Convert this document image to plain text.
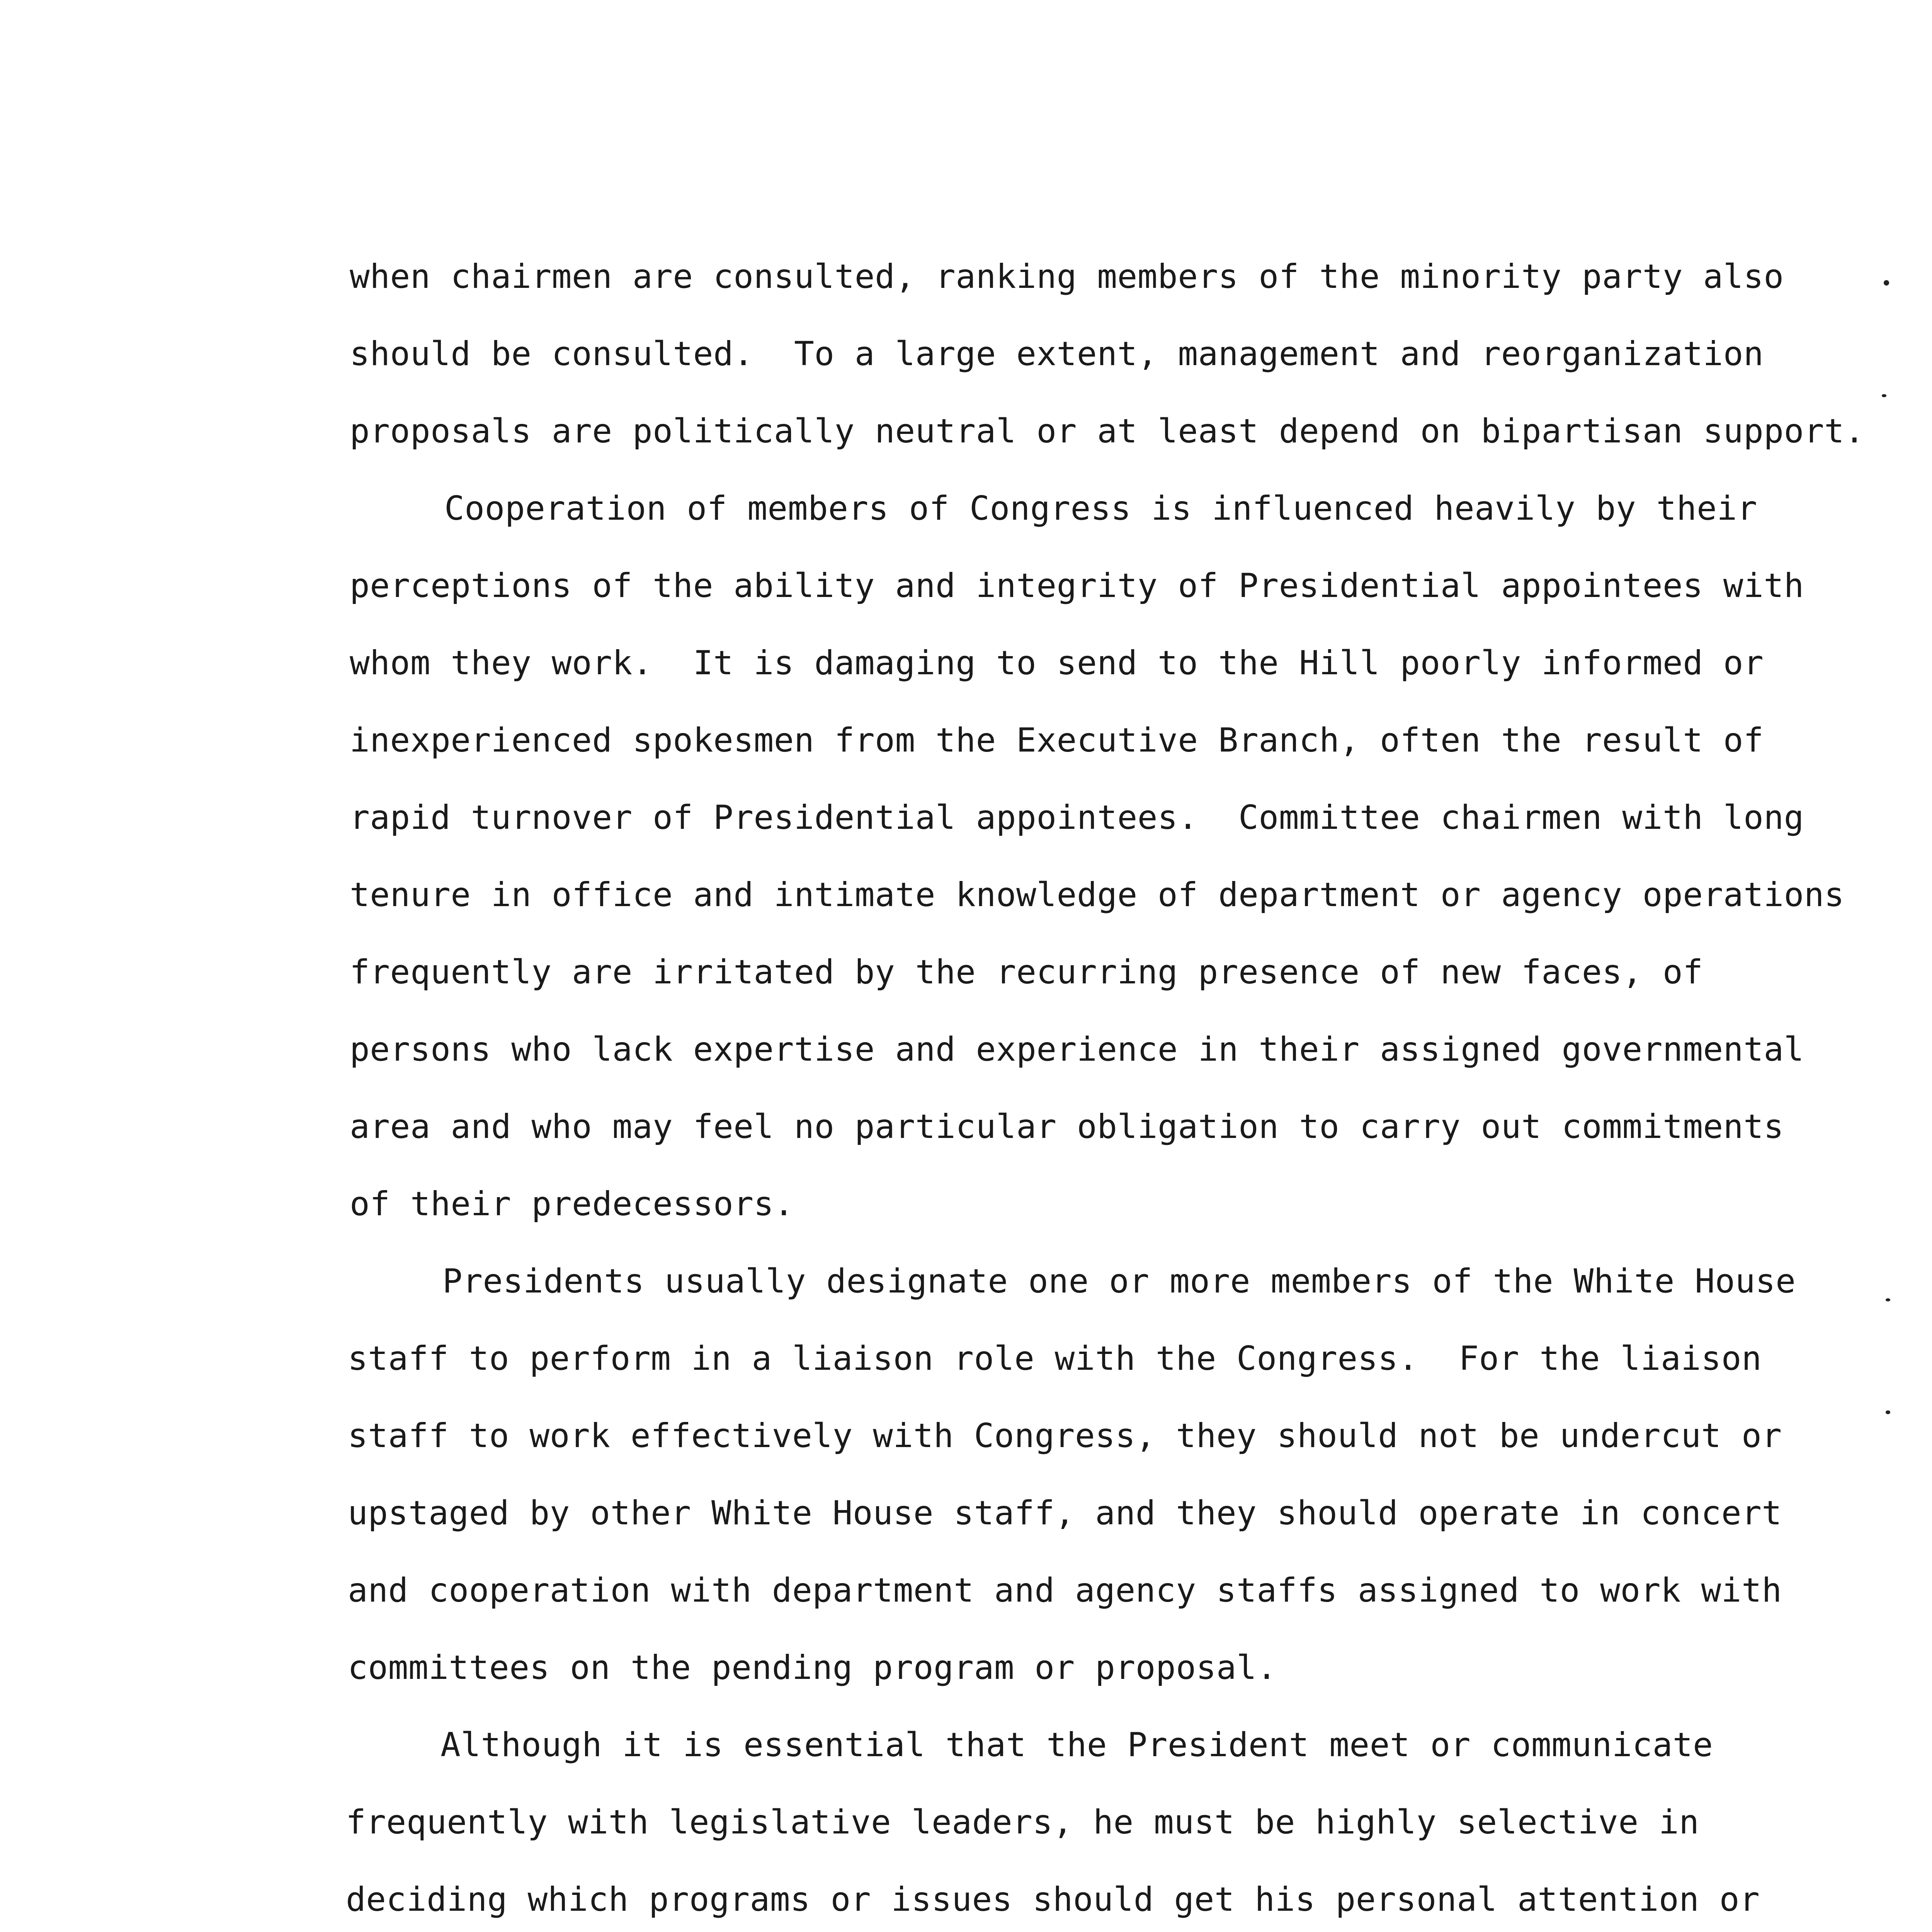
when chairmen are consulted, ranking members of the minority party also
should be consulted.  To a large extent, management and reorganization
proposals are politically neutral or at least depend on bipartisan support.
Cooperation of members of Congress is influenced heavily by their
perceptions of the ability and integrity of Presidential appointees with
whom they work.  It is damaging to send to the Hill poorly informed or
inexperienced spokesmen from the Executive Branch, often the result of
rapid turnover of Presidential appointees.  Committee chairmen with long
tenure in office and intimate knowledge of department or agency operations
frequently are irritated by the recurring presence of new faces, of
persons who lack expertise and experience in their assigned governmental
area and who may feel no particular obligation to carry out commitments
of their predecessors.
Presidents usually designate one or more members of the White House
staff to perform in a liaison role with the Congress.  For the liaison
staff to work effectively with Congress, they should not be undercut or
upstaged by other White House staff, and they should operate in concert
and cooperation with department and agency staffs assigned to work with
committees on the pending program or proposal.
Although it is essential that the President meet or communicate
frequently with legislative leaders, he must be highly selective in
deciding which programs or issues should get his personal attention or
